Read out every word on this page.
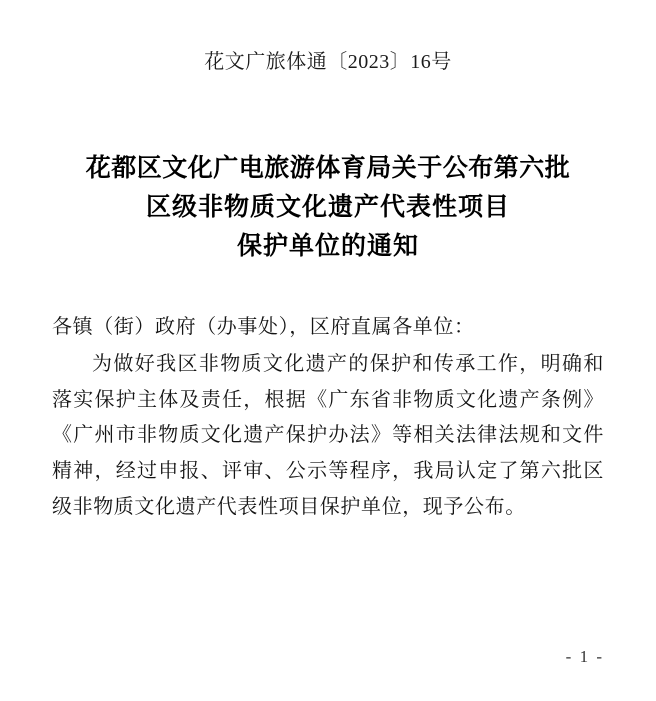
花文广旅体通〔2023〕16号
花都区文化广电旅游体育局关于公布第六批
区级非物质文化遗产代表性项目
保护单位的通知
各镇（街）政府（办事处），区府直属各单位：

为做好我区非物质文化遗产的保护和传承工作，明确和落实保护主体及责任，根据《广东省非物质文化遗产条例》《广州市非物质文化遗产保护办法》等相关法律法规和文件精神，经过申报、评审、公示等程序，我局认定了第六批区级非物质文化遗产代表性项目保护单位，现予公布。

- 1 -
